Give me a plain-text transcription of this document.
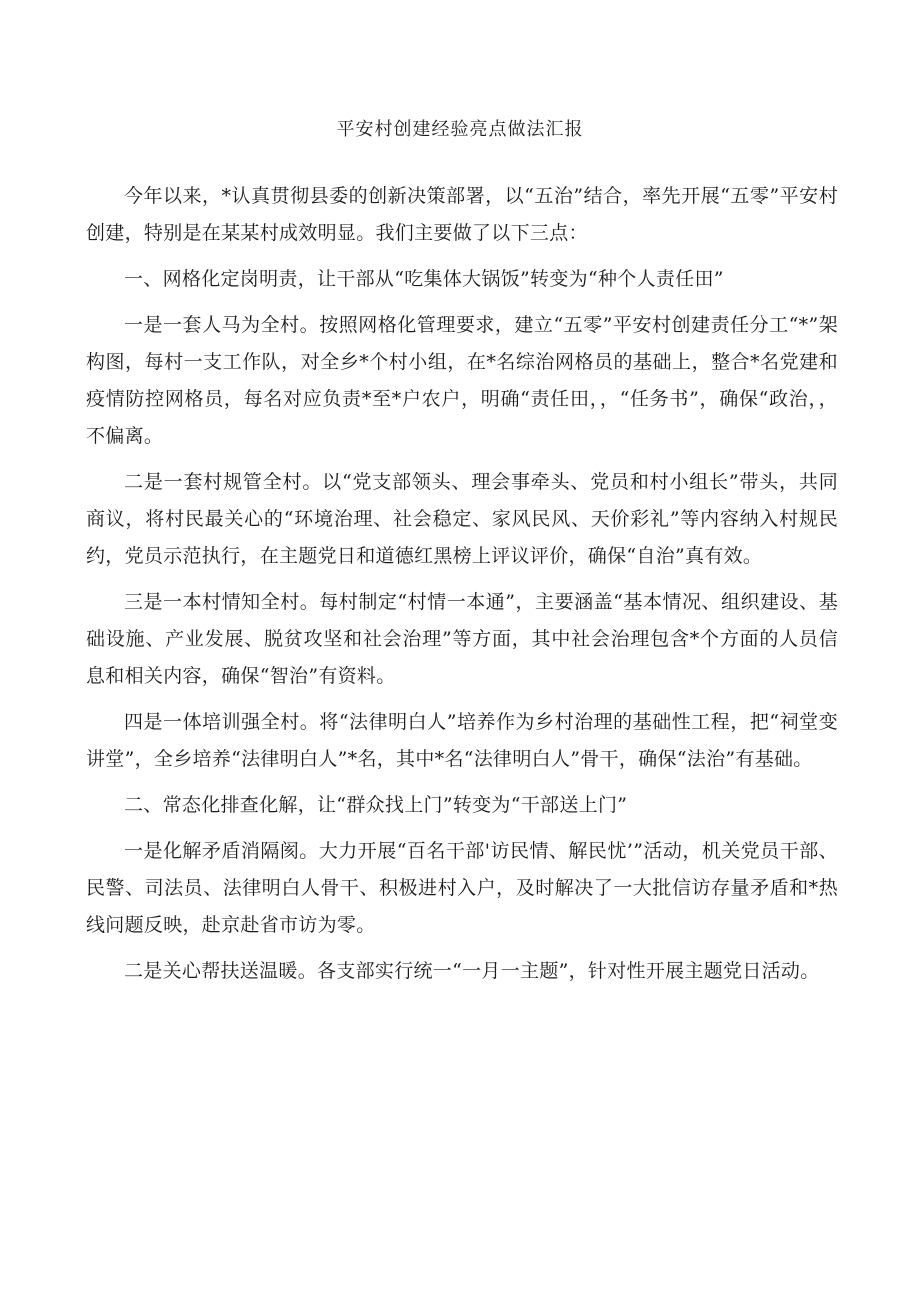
平安村创建经验亮点做法汇报

今年以来，*认真贯彻县委的创新决策部署，以“五治”结合，率先开展“五零”平安村创建，特别是在某某村成效明显。我们主要做了以下三点：

一、网格化定岗明责，让干部从“吃集体大锅饭”转变为“种个人责任田”

一是一套人马为全村。按照网格化管理要求，建立“五零”平安村创建责任分工“*”架构图，每村一支工作队，对全乡*个村小组，在*名综治网格员的基础上，整合*名党建和疫情防控网格员，每名对应负责*至*户农户，明确“责任田，，“任务书”，确保“政治，，不偏离。

二是一套村规管全村。以“党支部领头、理会事牵头、党员和村小组长”带头，共同商议，将村民最关心的“环境治理、社会稳定、家风民风、天价彩礼”等内容纳入村规民约，党员示范执行，在主题党日和道德红黑榜上评议评价，确保“自治”真有效。

三是一本村情知全村。每村制定“村情一本通”，主要涵盖“基本情况、组织建设、基础设施、产业发展、脱贫攻坚和社会治理”等方面，其中社会治理包含*个方面的人员信息和相关内容，确保“智治”有资料。

四是一体培训强全村。将“法律明白人”培养作为乡村治理的基础性工程，把“祠堂变讲堂”，全乡培养“法律明白人”*名，其中*名“法律明白人”骨干，确保“法治”有基础。

二、常态化排查化解，让“群众找上门”转变为“干部送上门”

一是化解矛盾消隔阂。大力开展“百名干部'访民情、解民忧’”活动，机关党员干部、民警、司法员、法律明白人骨干、积极进村入户，及时解决了一大批信访存量矛盾和*热线问题反映，赴京赴省市访为零。

二是关心帮扶送温暖。各支部实行统一“一月一主题”，针对性开展主题党日活动。
